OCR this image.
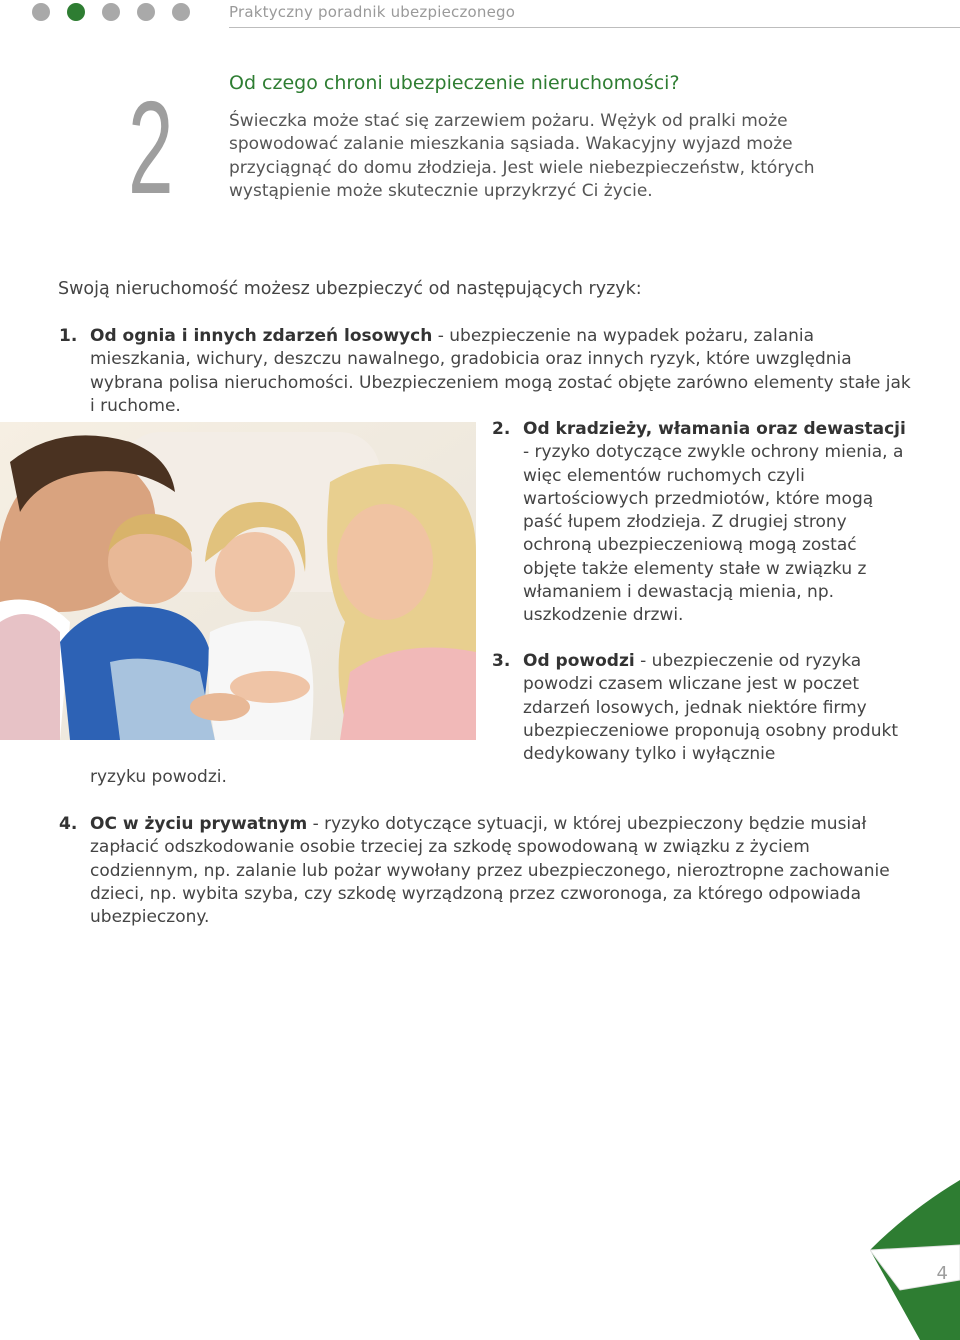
Praktyczny poradnik ubezpieczonego
2	Od czego chroni ubezpieczenie nieruchomości?
Świeczka może stać się zarzewiem pożaru. Wężyk od pralki może spowodować zalanie mieszkania sąsiada. Wakacyjny wyjazd może przyciągnąć do domu złodzieja. Jest wiele niebezpieczeństw, których wystąpienie może skutecznie uprzykrzyć Ci życie.
Swoją nieruchomość możesz ubezpieczyć od następujących ryzyk:
1. Od ognia i innych zdarzeń losowych - ubezpieczenie na wypadek pożaru, zalania mieszkania, wichury, deszczu nawalnego, gradobicia oraz innych ryzyk, które uwzględnia wybrana polisa nieruchomości. Ubezpieczeniem mogą zostać objęte zarówno elementy stałe jak i ruchome.
2. Od kradzieży, włamania oraz dewastacji - ryzyko dotyczące zwykle ochrony mienia, a więc elementów ruchomych czyli wartościowych przedmiotów, które mogą paść łupem złodzieja. Z drugiej strony ochroną ubezpieczeniową mogą zostać objęte także elementy stałe w związku z włamaniem i dewastacją mienia, np. uszkodzenie drzwi.
3. Od powodzi - ubezpieczenie od ryzyka powodzi czasem wliczane jest w poczet zdarzeń losowych, jednak niektóre firmy ubezpieczeniowe proponują osobny produkt dedykowany tylko i wyłącznie
ryzyku powodzi.
4. OC w życiu prywatnym - ryzyko dotyczące sytuacji, w której ubezpieczony będzie musiał zapłacić odszkodowanie osobie trzeciej za szkodę spowodowaną w związku z życiem codziennym, np. zalanie lub pożar wywołany przez ubezpieczonego, nieroztropne zachowanie dzieci, np. wybita szyba, czy szkodę wyrządzoną przez czworonoga, za którego odpowiada ubezpieczony.
4
